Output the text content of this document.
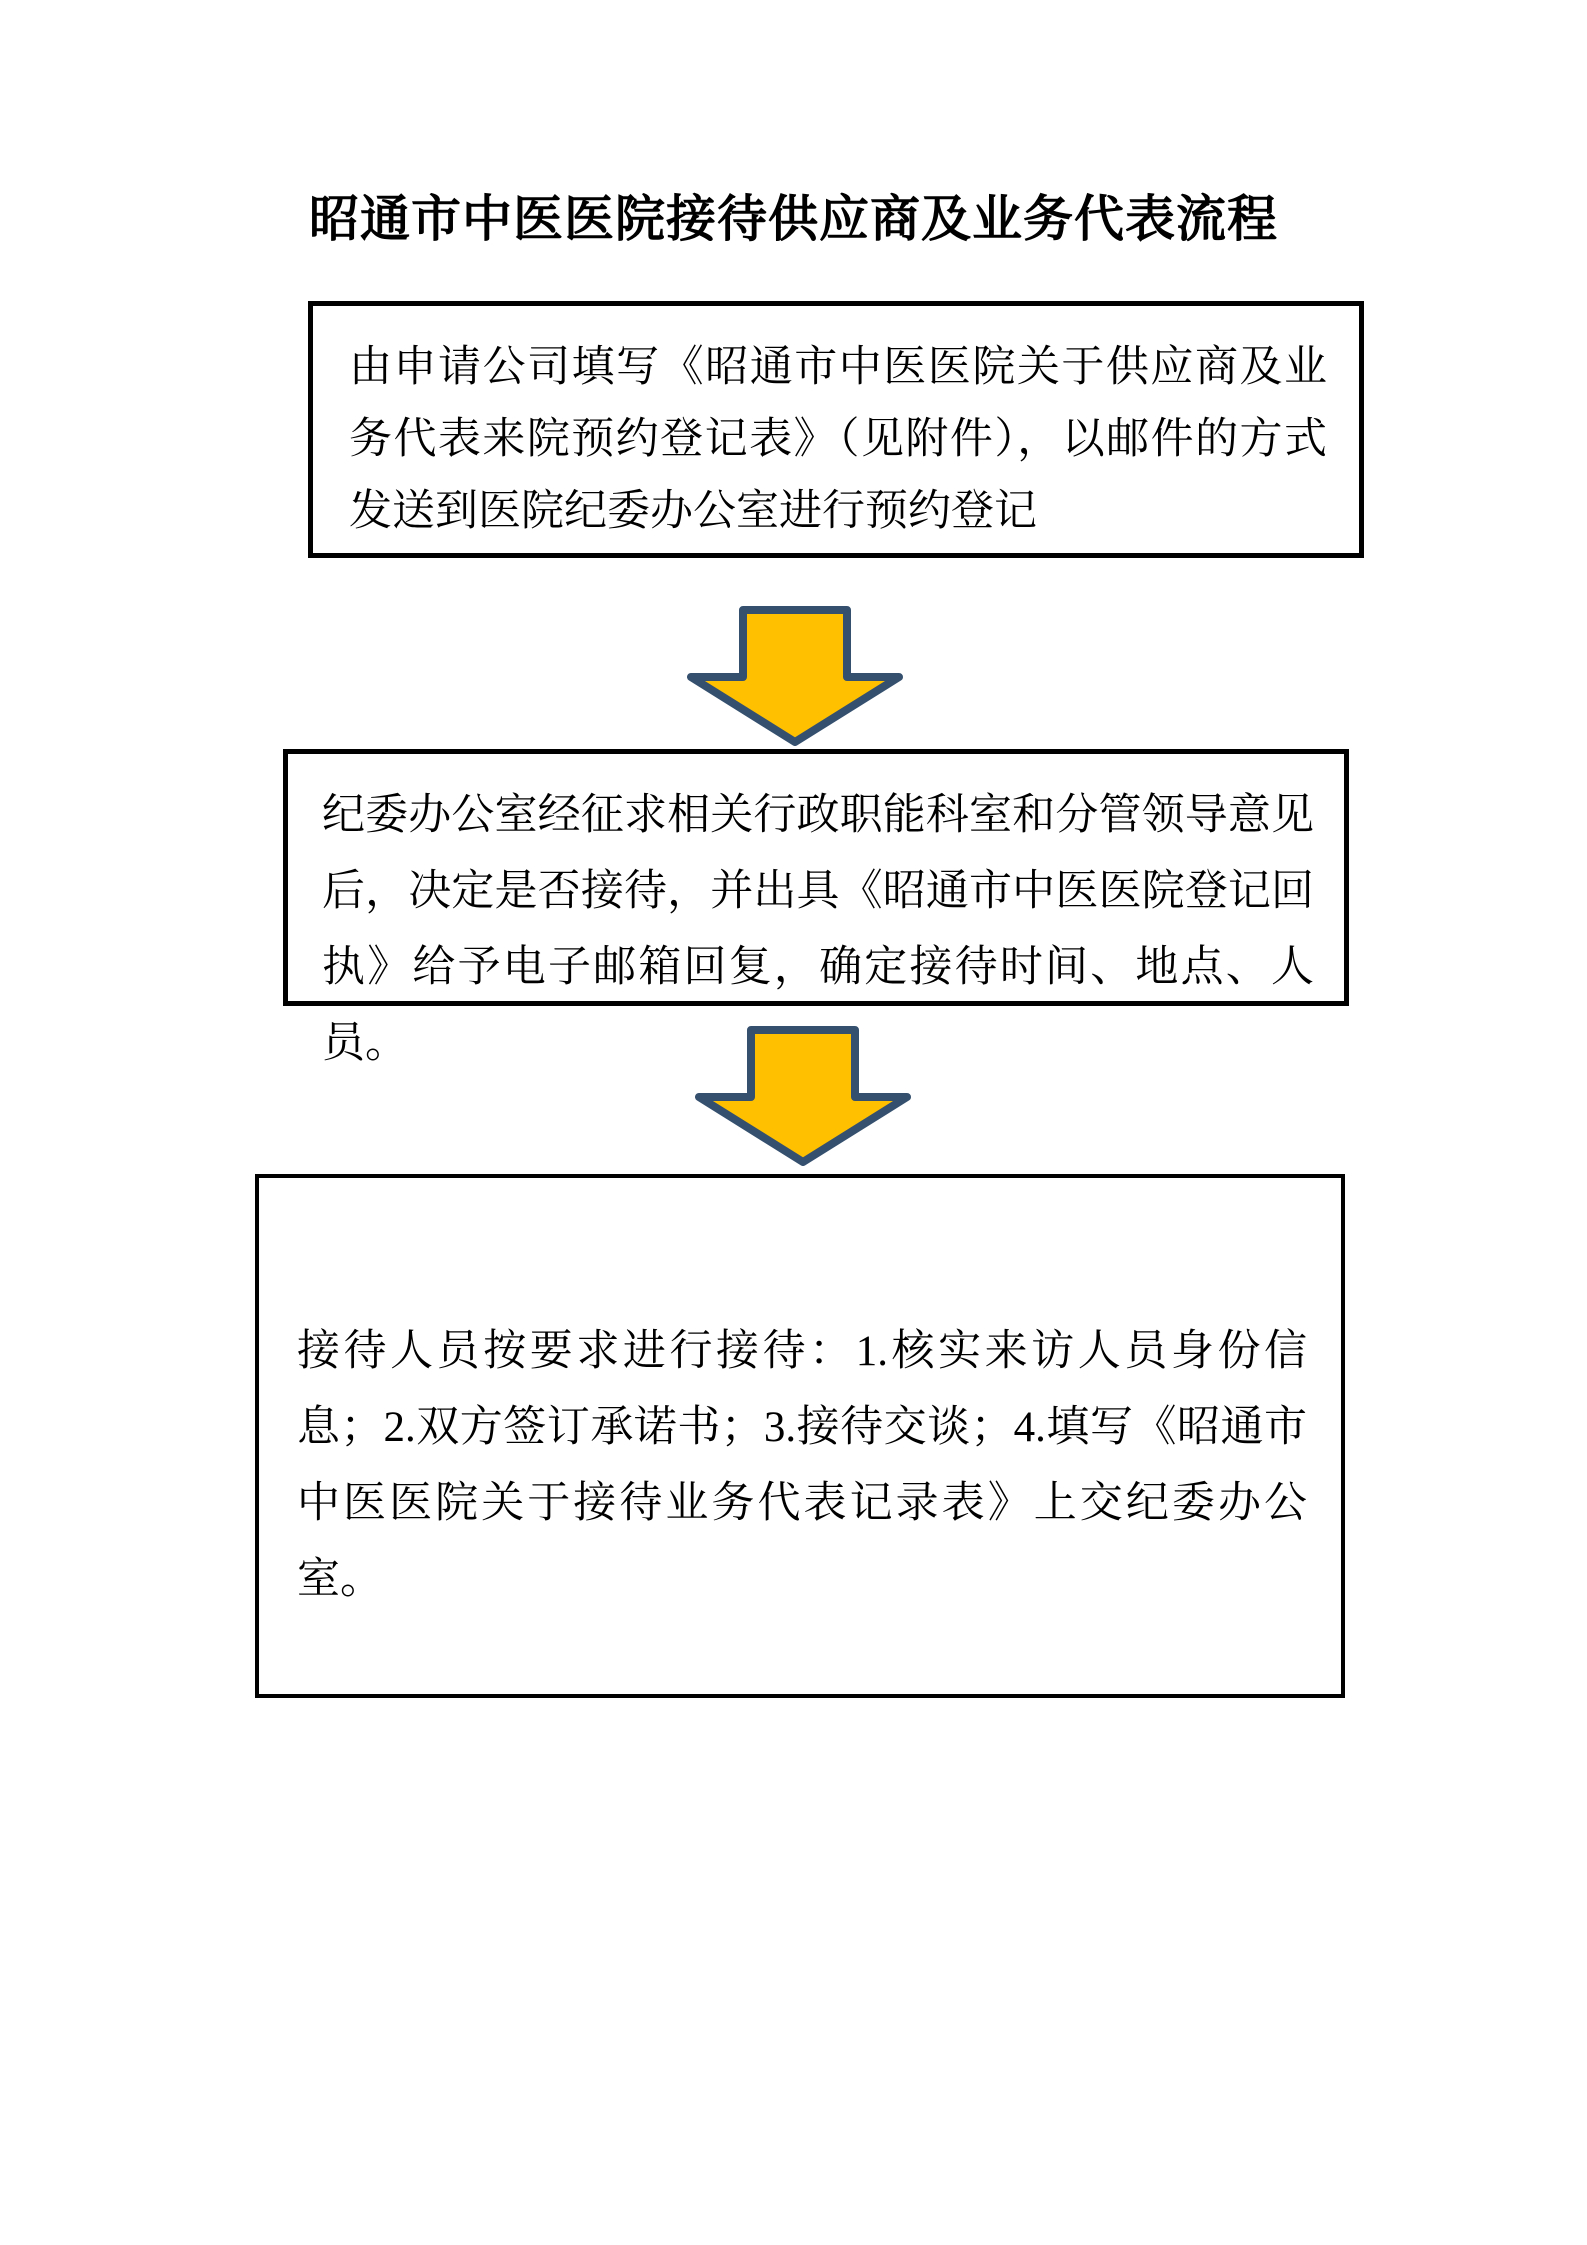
昭通市中医医院接待供应商及业务代表流程
由申请公司填写《昭通市中医医院关于供应商及业务代表来院预约登记表》（见附件），以邮件的方式发送到医院纪委办公室进行预约登记
纪委办公室经征求相关行政职能科室和分管领导意见后，决定是否接待，并出具《昭通市中医医院登记回执》给予电子邮箱回复，确定接待时间、地点、人员。
接待人员按要求进行接待：1.核实来访人员身份信息；2.双方签订承诺书；3.接待交谈；4.填写《昭通市中医医院关于接待业务代表记录表》上交纪委办公室。
